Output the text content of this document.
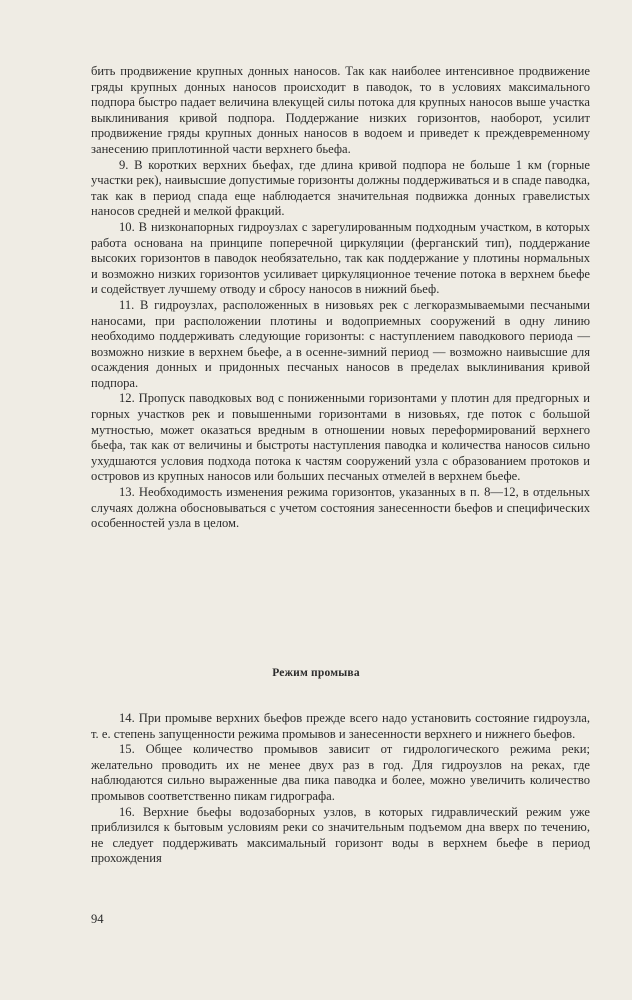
бить продвижение крупных донных наносов. Так как наиболее интенсивное продвижение гряды крупных донных наносов происходит в паводок, то в условиях максимального подпора быстро падает величина влекущей силы потока для крупных наносов выше участка выклинивания кривой подпора. Поддержание низких горизонтов, наоборот, усилит продвижение гряды крупных донных наносов в водоем и приведет к преждевременному занесению приплотинной части верхнего бьефа.

9. В коротких верхних бьефах, где длина кривой подпора не больше 1 км (горные участки рек), наивысшие допустимые горизонты должны поддерживаться и в спаде паводка, так как в период спада еще наблюдается значительная подвижка донных гравелистых наносов средней и мелкой фракций.

10. В низконапорных гидроузлах с зарегулированным подходным участком, в которых работа основана на принципе поперечной циркуляции (ферганский тип), поддержание высоких горизонтов в паводок необязательно, так как поддержание у плотины нормальных и возможно низких горизонтов усиливает циркуляционное течение потока в верхнем бьефе и содействует лучшему отводу и сбросу наносов в нижний бьеф.

11. В гидроузлах, расположенных в низовьях рек с легкоразмываемыми песчаными наносами, при расположении плотины и водоприемных сооружений в одну линию необходимо поддерживать следующие горизонты: с наступлением паводкового периода — возможно низкие в верхнем бьефе, а в осенне-зимний период — возможно наивысшие для осаждения донных и придонных песчаных наносов в пределах выклинивания кривой подпора.

12. Пропуск паводковых вод с пониженными горизонтами у плотин для предгорных и горных участков рек и повышенными горизонтами в низовьях, где поток с большой мутностью, может оказаться вредным в отношении новых переформирований верхнего бьефа, так как от величины и быстроты наступления паводка и количества наносов сильно ухудшаются условия подхода потока к частям сооружений узла с образованием протоков и островов из крупных наносов или больших песчаных отмелей в верхнем бьефе.

13. Необходимость изменения режима горизонтов, указанных в п. 8—12, в отдельных случаях должна обосновываться с учетом состояния занесенности бьефов и специфических особенностей узла в целом.

Режим промыва

14. При промыве верхних бьефов прежде всего надо установить состояние гидроузла, т. е. степень запущенности режима промывов и занесенности верхнего и нижнего бьефов.

15. Общее количество промывов зависит от гидрологического режима реки; желательно проводить их не менее двух раз в год. Для гидроузлов на реках, где наблюдаются сильно выраженные два пика паводка и более, можно увеличить количество промывов соответственно пикам гидрографа.

16. Верхние бьефы водозаборных узлов, в которых гидравлический режим уже приблизился к бытовым условиям реки со значительным подъемом дна вверх по течению, не следует поддерживать максимальный горизонт воды в верхнем бьефе в период прохождения

94
